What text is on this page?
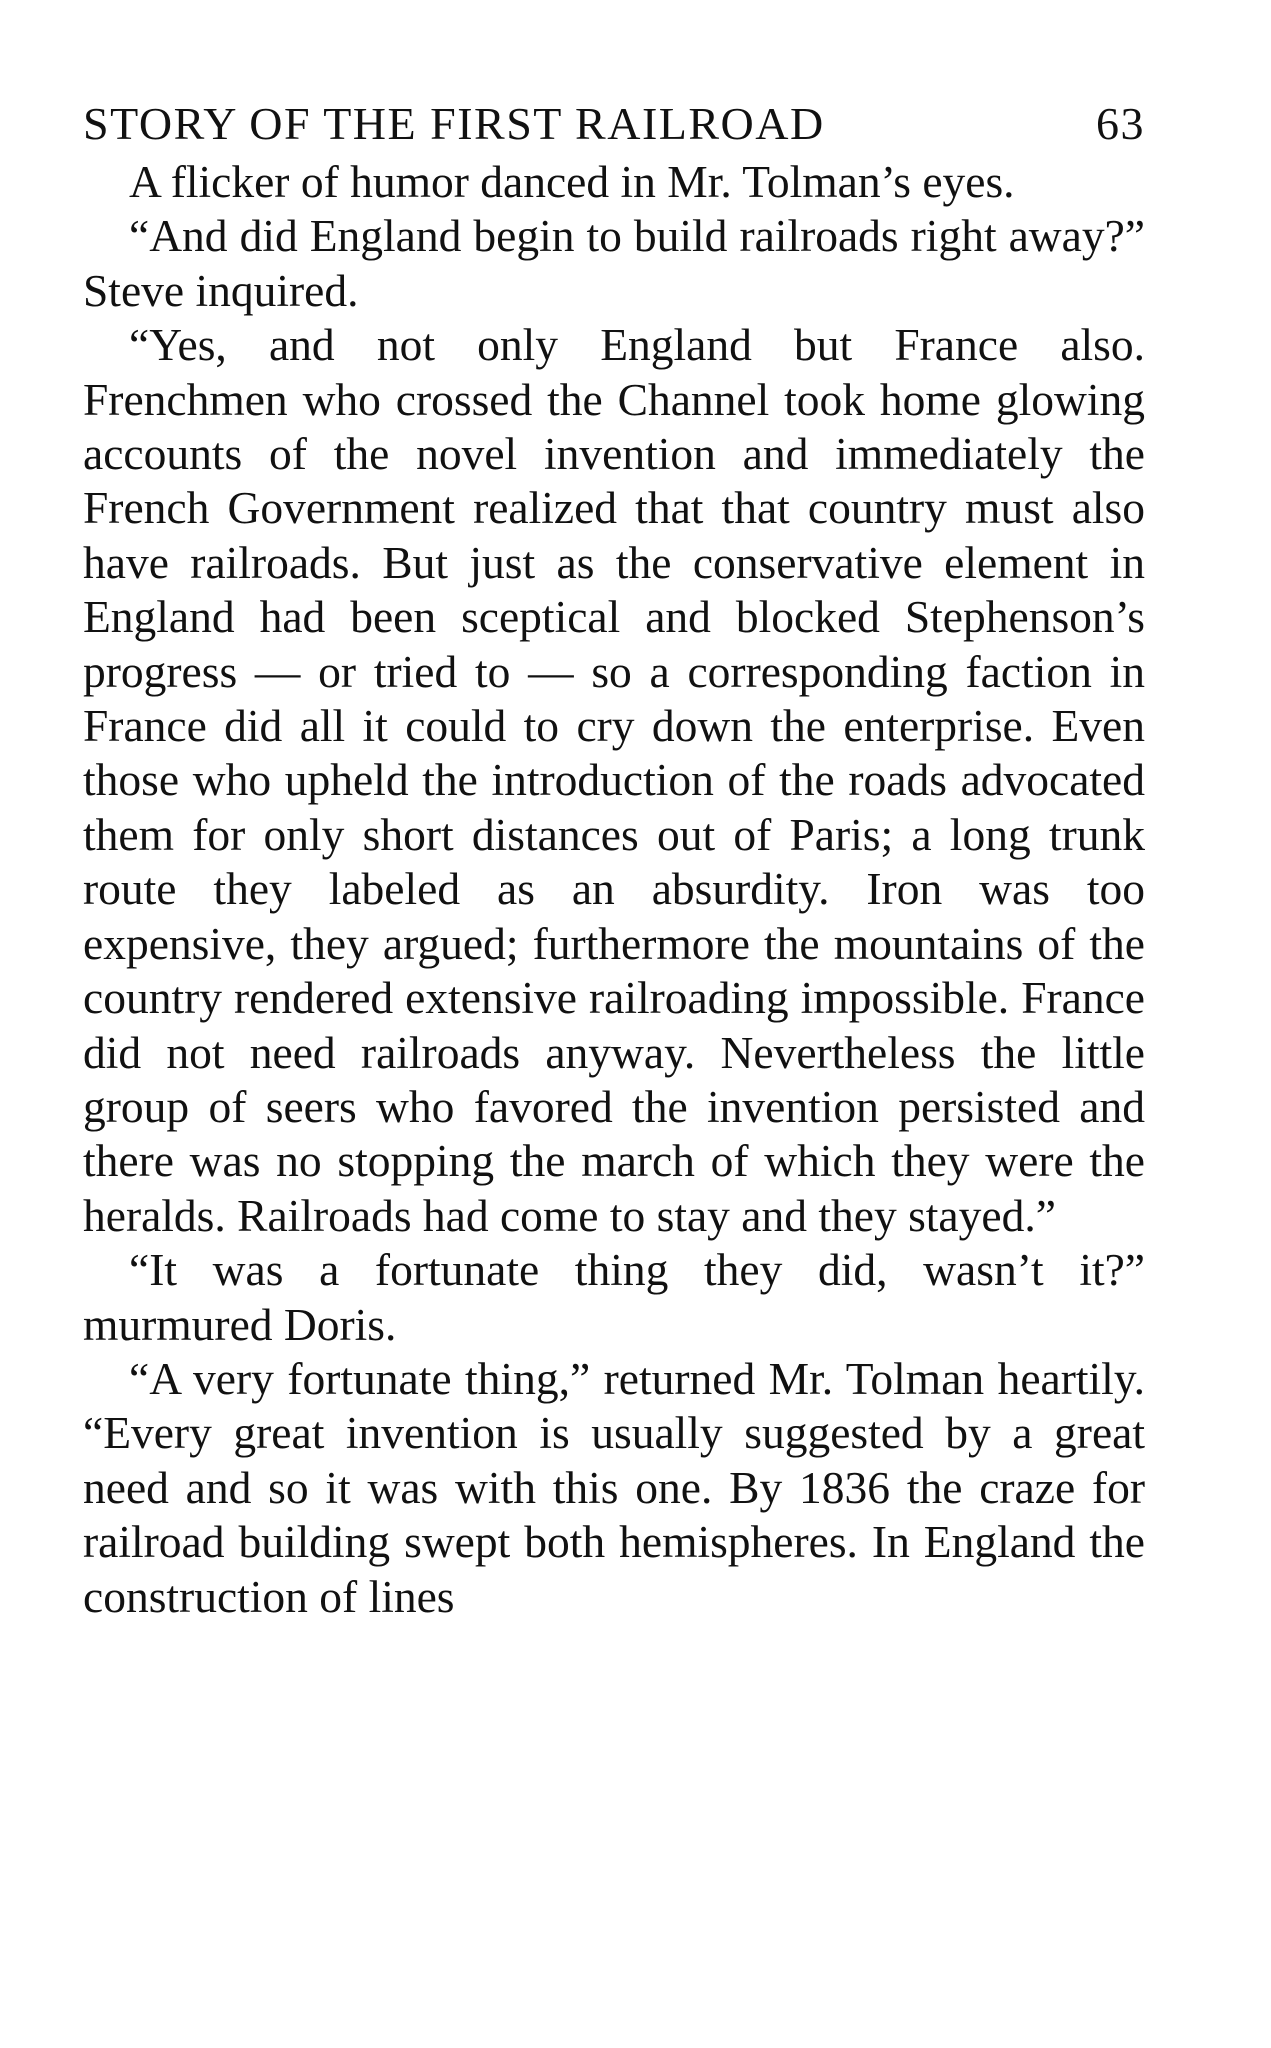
STORY OF THE FIRST RAILROAD	63

A flicker of humor danced in Mr. Tolman’s eyes.

“And did England begin to build railroads right away?” Steve inquired.

“Yes, and not only England but France also. Frenchmen who crossed the Channel took home glowing accounts of the novel invention and immediately the French Government realized that that country must also have railroads. But just as the conservative element in England had been sceptical and blocked Stephenson’s progress — or tried to — so a corresponding faction in France did all it could to cry down the enterprise. Even those who upheld the introduction of the roads advocated them for only short distances out of Paris; a long trunk route they labeled as an absurdity. Iron was too expensive, they argued; furthermore the mountains of the country rendered extensive railroading impossible. France did not need railroads anyway. Nevertheless the little group of seers who favored the invention persisted and there was no stopping the march of which they were the heralds. Railroads had come to stay and they stayed.”

“It was a fortunate thing they did, wasn’t it?” murmured Doris.

“A very fortunate thing,” returned Mr. Tolman heartily. “Every great invention is usually suggested by a great need and so it was with this one. By 1836 the craze for railroad building swept both hemispheres. In England the construction of lines
